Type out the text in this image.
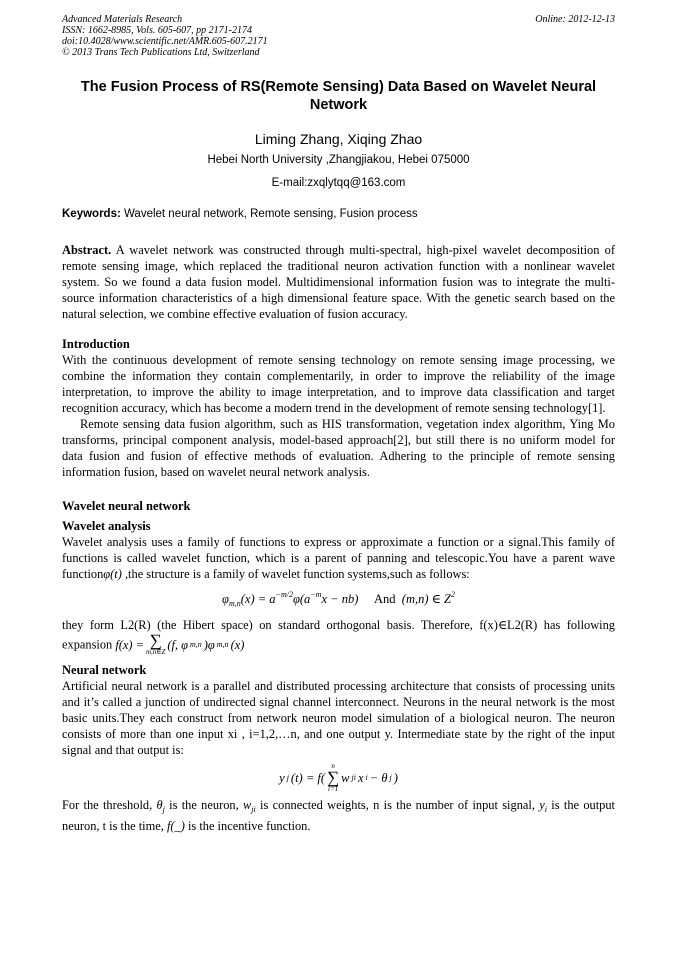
Advanced Materials Research	Online: 2012-12-13
ISSN: 1662-8985, Vols. 605-607, pp 2171-2174
doi:10.4028/www.scientific.net/AMR.605-607.2171
© 2013 Trans Tech Publications Ltd, Switzerland
The Fusion Process of RS(Remote Sensing) Data Based on Wavelet Neural Network
Liming Zhang, Xiqing Zhao
Hebei North University ,Zhangjiakou, Hebei 075000
E-mail:zxqlytqq@163.com
Keywords: Wavelet neural network, Remote sensing, Fusion process

Abstract. A wavelet network was constructed through multi-spectral, high-pixel wavelet decomposition of remote sensing image, which replaced the traditional neuron activation function with a nonlinear wavelet system. So we found a data fusion model. Multidimensional information fusion was to integrate the multi-source information characteristics of a high dimensional feature space. With the genetic search based on the natural selection, we combine effective evaluation of fusion accuracy.

Introduction

With the continuous development of remote sensing technology on remote sensing image processing, we combine the information they contain complementarily, in order to improve the reliability of the image interpretation, to improve the ability to image interpretation, and to improve data classification and target recognition accuracy, which has become a modern trend in the development of remote sensing technology[1].

Remote sensing data fusion algorithm, such as HIS transformation, vegetation index algorithm, Ying Mo transforms, principal component analysis, model-based approach[2], but still there is no uniform model for data fusion and fusion of effective methods of evaluation. Adhering to the principle of remote sensing information fusion, based on wavelet neural network analysis.

Wavelet neural network
Wavelet analysis

Wavelet analysis uses a family of functions to express or approximate a function or a signal.This family of functions is called wavelet function, which is a parent of panning and telescopic.You have a parent wave functionφ(t) ,the structure is a family of wavelet function systems,such as follows:

$\varphi_{m,n}(x) = a^{-m/2}\varphi(a^{-m}x - nb)$     And  (m,n) ∈ $Z^2$

they form L2(R) (the Hibert space) on standard orthogonal basis. Therefore, f(x)∈L2(R) has following expansion f(x) = ∑
m,n∈Z
(f, φ m,n )φ m,n (x)

Neural network

Artificial neural network is a parallel and distributed processing architecture that consists of processing units and it’s called a junction of undirected signal channel interconnect. Neurons in the neural network is the most basic units.They each construct from network neuron model simulation of a biological neuron. The neuron consists of more than one input xi , i=1,2,…n, and one output y. Intermediate state by the right of the input signal and that output is:

y j (t) = f(
n
∑
i=1
w ji x i − θ j )

For the threshold, $\theta_j$ is the neuron, $w_{ji}$ is connected weights, n is the number of input signal, $y_i$ is the output neuron, t is the time, f(_) is the incentive function.
